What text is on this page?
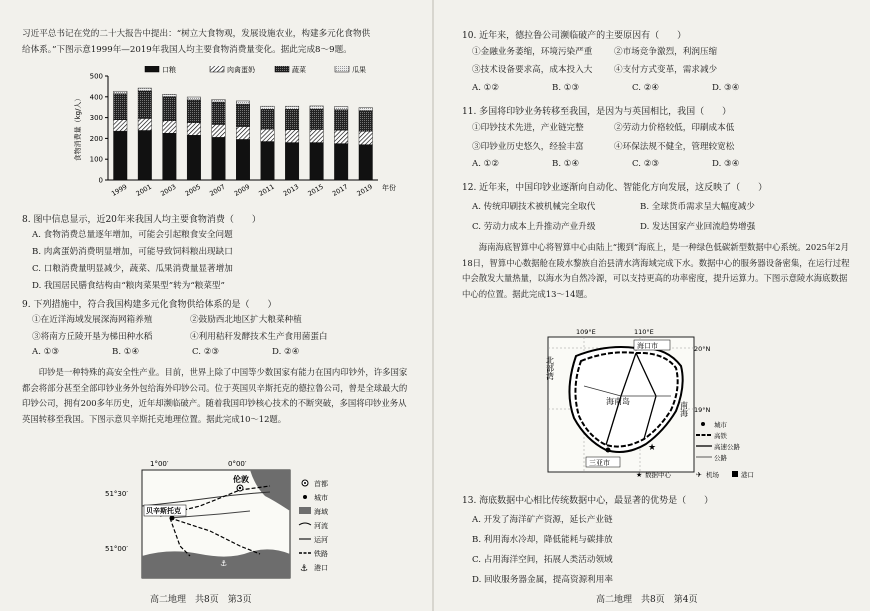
习近平总书记在党的二十大报告中提出：“树立大食物观，发展设施农业，构建多元化食物供
给体系。”下图示意1999年—2019年我国人均主要食物消费量变化。据此完成8～9题。
0
100
200
300
400
500
食物消费量（kg/人）
口粮	肉禽蛋奶	蔬菜	瓜果
1999 2001 2003 2005 2007 2009 2011 2013 2015 2017 2019 年份
8. 图中信息显示，近20年来我国人均主要食物消费（　　）
A. 食物消费总量逐年增加，可能会引起粮食安全问题
B. 肉禽蛋奶消费明显增加，可能导致饲料粮出现缺口
C. 口粮消费量明显减少，蔬菜、瓜果消费量显著增加
D. 我国居民膳食结构由“粮肉菜果型”转为“粮菜型”
9. 下列措施中，符合我国构建多元化食物供给体系的是（　　）
①在近洋海域发展深海网箱养殖	②鼓励西北地区扩大粮菜种植
③将南方丘陵开垦为梯田种水稻	④利用秸秆发酵技术生产食用菌蛋白
A. ①③	B. ①④	C. ②③	D. ②④
印钞是一种特殊的高安全性产业。目前，世界上除了中国等少数国家有能力在国内印钞外，许多国家都会将部分甚至全部印钞业务外包给海外印钞公司。位于英国贝辛斯托克的德拉鲁公司，曾是全球最大的印钞公司，拥有200多年历史，近年却濒临破产。随着我国印钞核心技术的不断突破，多国将印钞业务从英国转移至我国。下图示意贝辛斯托克地理位置。据此完成10～12题。
1°00′	0°00′
51°30′
51°00′
伦敦
贝辛斯托克
⚓
首都
城市
海域
河流
运河
铁路
⚓ 港口
高二地理　共8页　第3页
10. 近年来，德拉鲁公司濒临破产的主要原因有（　　）
①金融业务萎缩，环境污染严重	②市场竞争激烈，利润压缩
③技术设备要求高，成本投入大	④支付方式变革，需求减少
A. ①②	B. ①③	C. ②④	D. ③④
11. 多国将印钞业务转移至我国，是因为与英国相比，我国（　　）
①印钞技术先进，产业链完整	②劳动力价格较低，印刷成本低
③印钞业历史悠久，经验丰富	④环保法规不健全，管理较宽松
A. ①②	B. ①④	C. ②③	D. ③④
12. 近年来，中国印钞业逐渐向自动化、智能化方向发展，这反映了（　　）
A. 传统印刷技术被机械完全取代	B. 全球货币需求呈大幅度减少
C. 劳动力成本上升推动产业升级	D. 发达国家产业回流趋势增强
海南海底智算中心将智算中心由陆上“搬到”海底上，是一种绿色低碳新型数据中心系统。2025年2月18日，智算中心数据舱在陵水黎族自治县清水湾海域完成下水。数据中心的服务器设备密集，在运行过程中会散发大量热量，以海水为自然冷源，可以支持更高的功率密度，提升运算力。下图示意陵水海底数据中心的位置。据此完成13～14题。
109°E	110°E
20°N
19°N
北部湾
南海
海口市
海南岛
三亚市
★
城市
高铁
高速公路
公路
★ 数据中心	✈ 机场	港口
13. 海底数据中心相比传统数据中心，最显著的优势是（　　）
A. 开发了海洋矿产资源，延长产业链
B. 利用海水冷却，降低能耗与碳排放
C. 占用海洋空间，拓展人类活动领域
D. 回收服务器金属，提高资源利用率
高二地理　共8页　第4页
